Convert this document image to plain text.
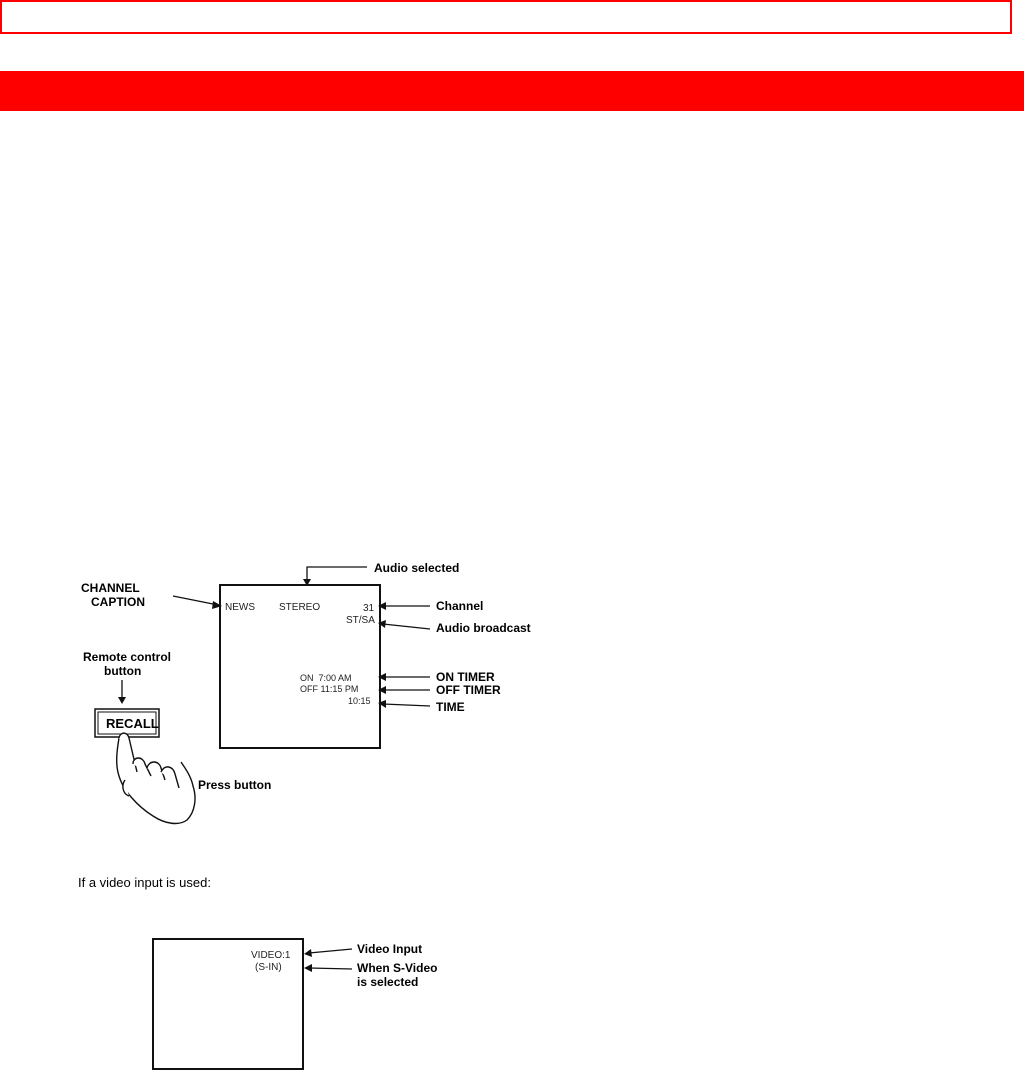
NEWS STEREO	31
ST/SA
ON  7:00 AM
OFF 11:15 PM
10:15
Audio selected
CHANNEL
CAPTION	Channel
Audio broadcast
ON TIMER
OFF TIMER
TIME
Remote control
button
RECALL
Press button
If a video input is used:
VIDEO:1
(S-IN)
Video Input
When S-Video
is selected
